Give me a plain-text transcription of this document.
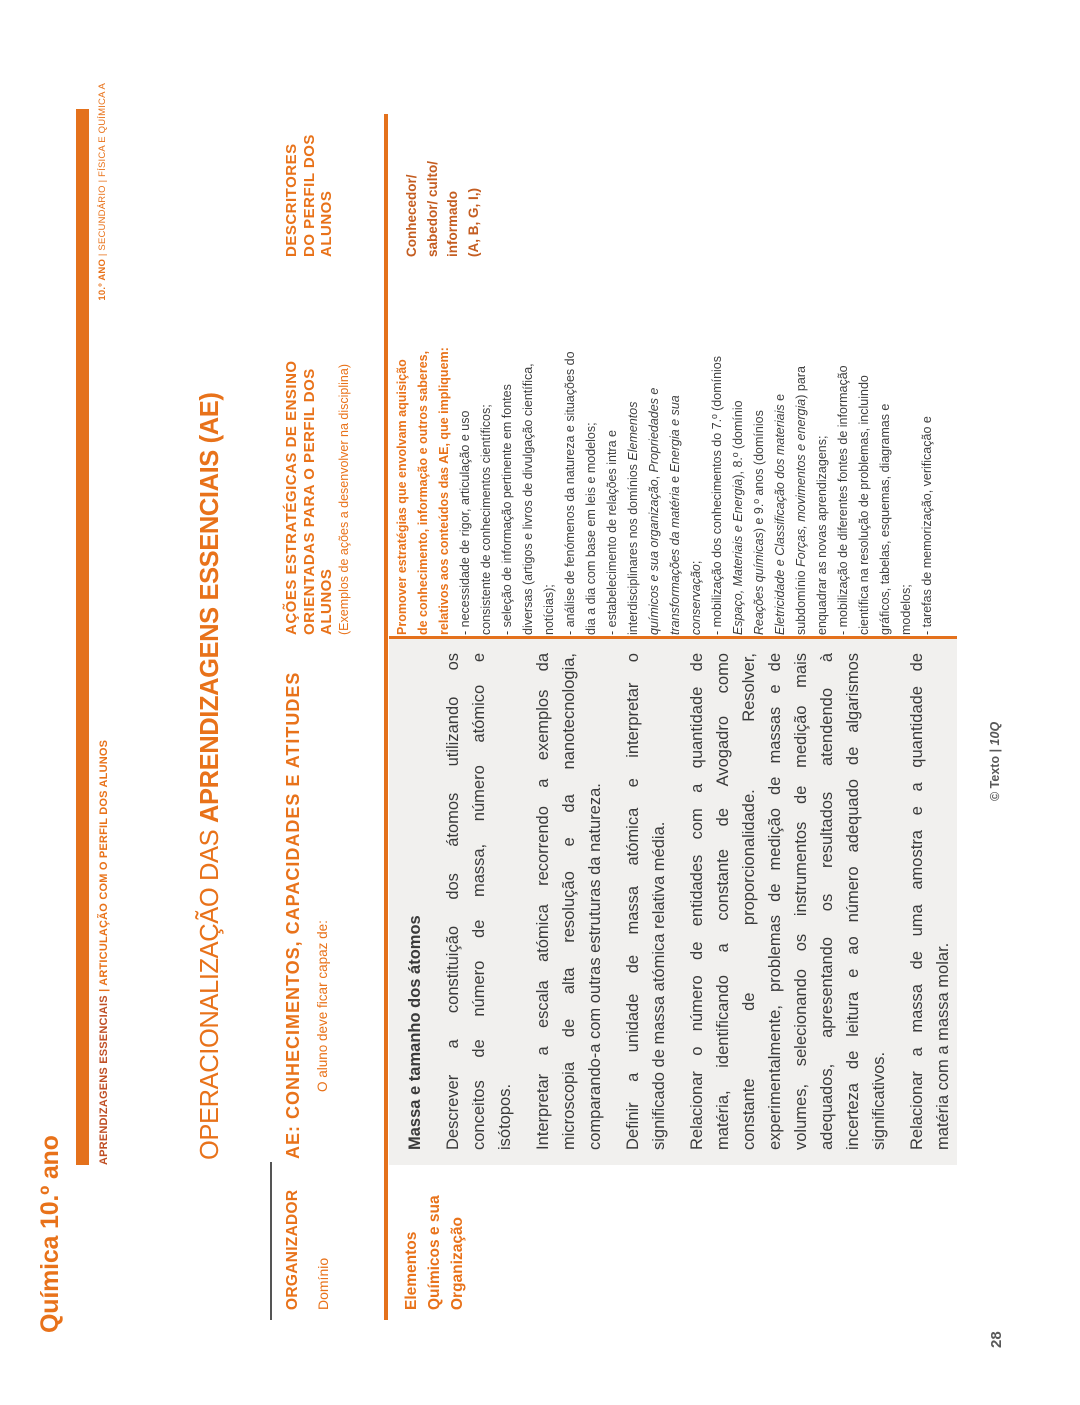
Química 10.º ano
APRENDIZAGENS ESSENCIAIS | ARTICULAÇÃO COM O PERFIL DOS ALUNOS
10.º ANO | SECUNDÁRIO | FÍSICA E QUÍMICA A
OPERACIONALIZAÇÃO DAS APRENDIZAGENS ESSENCIAIS (AE)
ORGANIZADOR Domínio
AE: CONHECIMENTOS, CAPACIDADES E ATITUDES O aluno deve ficar capaz de:
AÇÕES ESTRATÉGICAS DE ENSINO ORIENTADAS PARA O PERFIL DOS ALUNOS (Exemplos de ações a desenvolver na disciplina)
DESCRITORES DO PERFIL DOS ALUNOS
Elementos Químicos e sua Organização
Massa e tamanho dos átomos Descrever a constituição dos átomos utilizando os conceitos de número de massa, número atómico e isótopos. Interpretar a escala atómica recorrendo a exemplos da microscopia de alta resolução e da nanotecnologia, comparando-a com outras estruturas da natureza. Definir a unidade de massa atómica e interpretar o significado de massa atómica relativa média. Relacionar o número de entidades com a quantidade de matéria, identificando a constante de Avogadro como constante de proporcionalidade. Resolver, experimentalmente, problemas de medição de massas e de volumes, selecionando os instrumentos de medição mais adequados, apresentando os resultados atendendo à incerteza de leitura e ao número adequado de algarismos significativos. Relacionar a massa de uma amostra e a quantidade de matéria com a massa molar.
Promover estratégias que envolvam aquisição de conhecimento, informação e outros saberes, relativos aos conteúdos das AE, que impliquem: - necessidade de rigor, articulação e uso consistente de conhecimentos científicos; - seleção de informação pertinente em fontes diversas (artigos e livros de divulgação científica, notícias); - análise de fenómenos da natureza e situações do dia a dia com base em leis e modelos; - estabelecimento de relações intra e interdisciplinares nos domínios Elementos
químicos e sua organização, Propriedades e
transformações da matéria e Energia e sua
conservação; - mobilização dos conhecimentos do 7.º (domínios Espaço, Materiais e Energia), 8.º (domínio
Reações químicas) e 9.º anos (domínios Eletricidade e Classificação dos materiais e
subdomínio Forças, movimentos e energia) para
enquadrar as novas aprendizagens; - mobilização de diferentes fontes de informação científica na resolução de problemas, incluindo gráficos, tabelas, esquemas, diagramas e modelos; - tarefas de memorização, verificação e
Conhecedor/ sabedor/ culto/ informado (A, B, G, I,)
© Texto | 10Q
28
